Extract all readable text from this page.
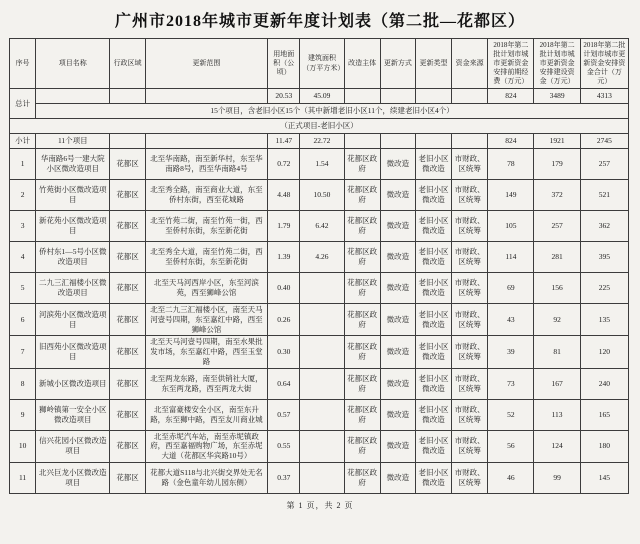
广州市2018年城市更新年度计划表（第二批—花都区）
序号	项目名称	行政区域	更新范围	用地面积（公顷）	建筑面积（万平方米）	改造主体	更新方式	更新类型	资金来源	2018年第二批计划市城市更新资金安排前期经费（万元）	2018年第二批计划市城市更新资金安排建设资金（万元）	2018年第二批计划市城市更新资金安排资金合计（万元）
总计				20.53	45.09					824	3489	4313
	15个项目，含老旧小区15个（其中新增老旧小区11个，续建老旧小区4个）											
（正式项目-老旧小区）												
小计	11个项目			11.47	22.72					824	1921	2745
1	华南路6号一建大院小区微改造项目	花都区	北至华南路，南至新华村，东至华南路8号，西至华南路4号	0.72	1.54	花都区政府	微改造	老旧小区微改造	市财政、区统筹	78	179	257
2	竹苑街小区微改造项目	花都区	北至秀全路，南至商业大道，东至侨村东街，西至花城路	4.48	10.50	花都区政府	微改造	老旧小区微改造	市财政、区统筹	149	372	521
3	新花苑小区微改造项目	花都区	北至竹苑二街，南至竹苑一街，西至侨村东街，东至新花街	1.79	6.42	花都区政府	微改造	老旧小区微改造	市财政、区统筹	105	257	362
4	侨村东1—5号小区微改造项目	花都区	北至秀全大道，南至竹苑二街，西至侨村东街，东至新花街	1.39	4.26	花都区政府	微改造	老旧小区微改造	市财政、区统筹	114	281	395
5	二九三汇福楼小区微改造项目	花都区	北至天马河西岸小区，东至河滨苑，西至狮峰公馆	0.40		花都区政府	微改造	老旧小区微改造	市财政、区统筹	69	156	225
6	河滨苑小区微改造项目	花都区	北至二九三汇福楼小区，南至天马河壹号四期，东至嘉红中路，西至狮峰公馆	0.26		花都区政府	微改造	老旧小区微改造	市财政、区统筹	43	92	135
7	旧西苑小区微改造项目	花都区	北至天马河壹号四期，南至水果批发市场，东至嘉红中路，西至玉堂路	0.30		花都区政府	微改造	老旧小区微改造	市财政、区统筹	39	81	120
8	新城小区微改造项目	花都区	北至两龙东路，南至供销社大厦，东至两龙路，西至两龙大街	0.64		花都区政府	微改造	老旧小区微改造	市财政、区统筹	73	167	240
9	狮岭镇第一安全小区微改造项目	花都区	北至富豪楼安全小区，南至东升路，东至狮中路，西至友川商业城	0.57		花都区政府	微改造	老旧小区微改造	市财政、区统筹	52	113	165
10	信兴花园小区微改造项目	花都区	北至赤坭汽车站，南至赤坭镇政府，西至嘉福购物广场，东至赤坭大道（花都区华宾路10号）	0.55		花都区政府	微改造	老旧小区微改造	市财政、区统筹	56	124	180
11	北兴巨龙小区微改造项目	花都区	花都大道S118与北兴街交界处无名路（金色童年幼儿园东侧）	0.37		花都区政府	微改造	老旧小区微改造	市财政、区统筹	46	99	145
第 1 页，共 2 页
